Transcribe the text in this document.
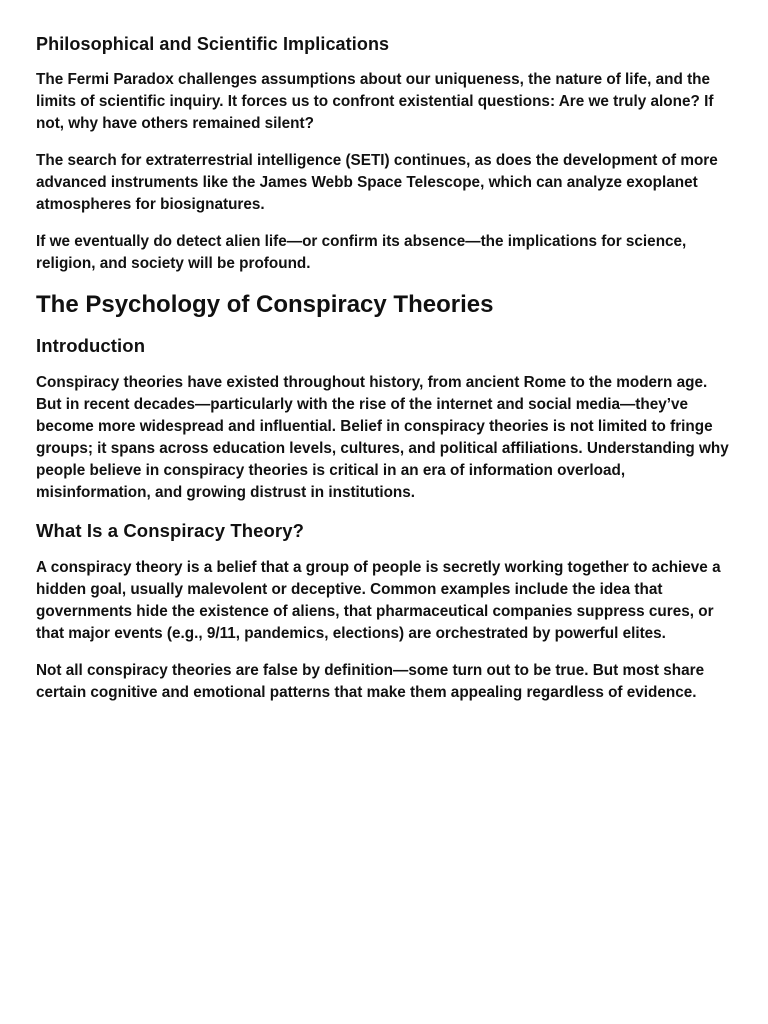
Philosophical and Scientific Implications

The Fermi Paradox challenges assumptions about our uniqueness, the nature of life, and the limits of scientific inquiry. It forces us to confront existential questions: Are we truly alone? If not, why have others remained silent?

The search for extraterrestrial intelligence (SETI) continues, as does the development of more advanced instruments like the James Webb Space Telescope, which can analyze exoplanet atmospheres for biosignatures.

If we eventually do detect alien life—or confirm its absence—the implications for science, religion, and society will be profound.

The Psychology of Conspiracy Theories
Introduction

Conspiracy theories have existed throughout history, from ancient Rome to the modern age. But in recent decades—particularly with the rise of the internet and social media—they’ve become more widespread and influential. Belief in conspiracy theories is not limited to fringe groups; it spans across education levels, cultures, and political affiliations. Understanding why people believe in conspiracy theories is critical in an era of information overload, misinformation, and growing distrust in institutions.

What Is a Conspiracy Theory?

A conspiracy theory is a belief that a group of people is secretly working together to achieve a hidden goal, usually malevolent or deceptive. Common examples include the idea that governments hide the existence of aliens, that pharmaceutical companies suppress cures, or that major events (e.g., 9/11, pandemics, elections) are orchestrated by powerful elites.

Not all conspiracy theories are false by definition—some turn out to be true. But most share certain cognitive and emotional patterns that make them appealing regardless of evidence.
